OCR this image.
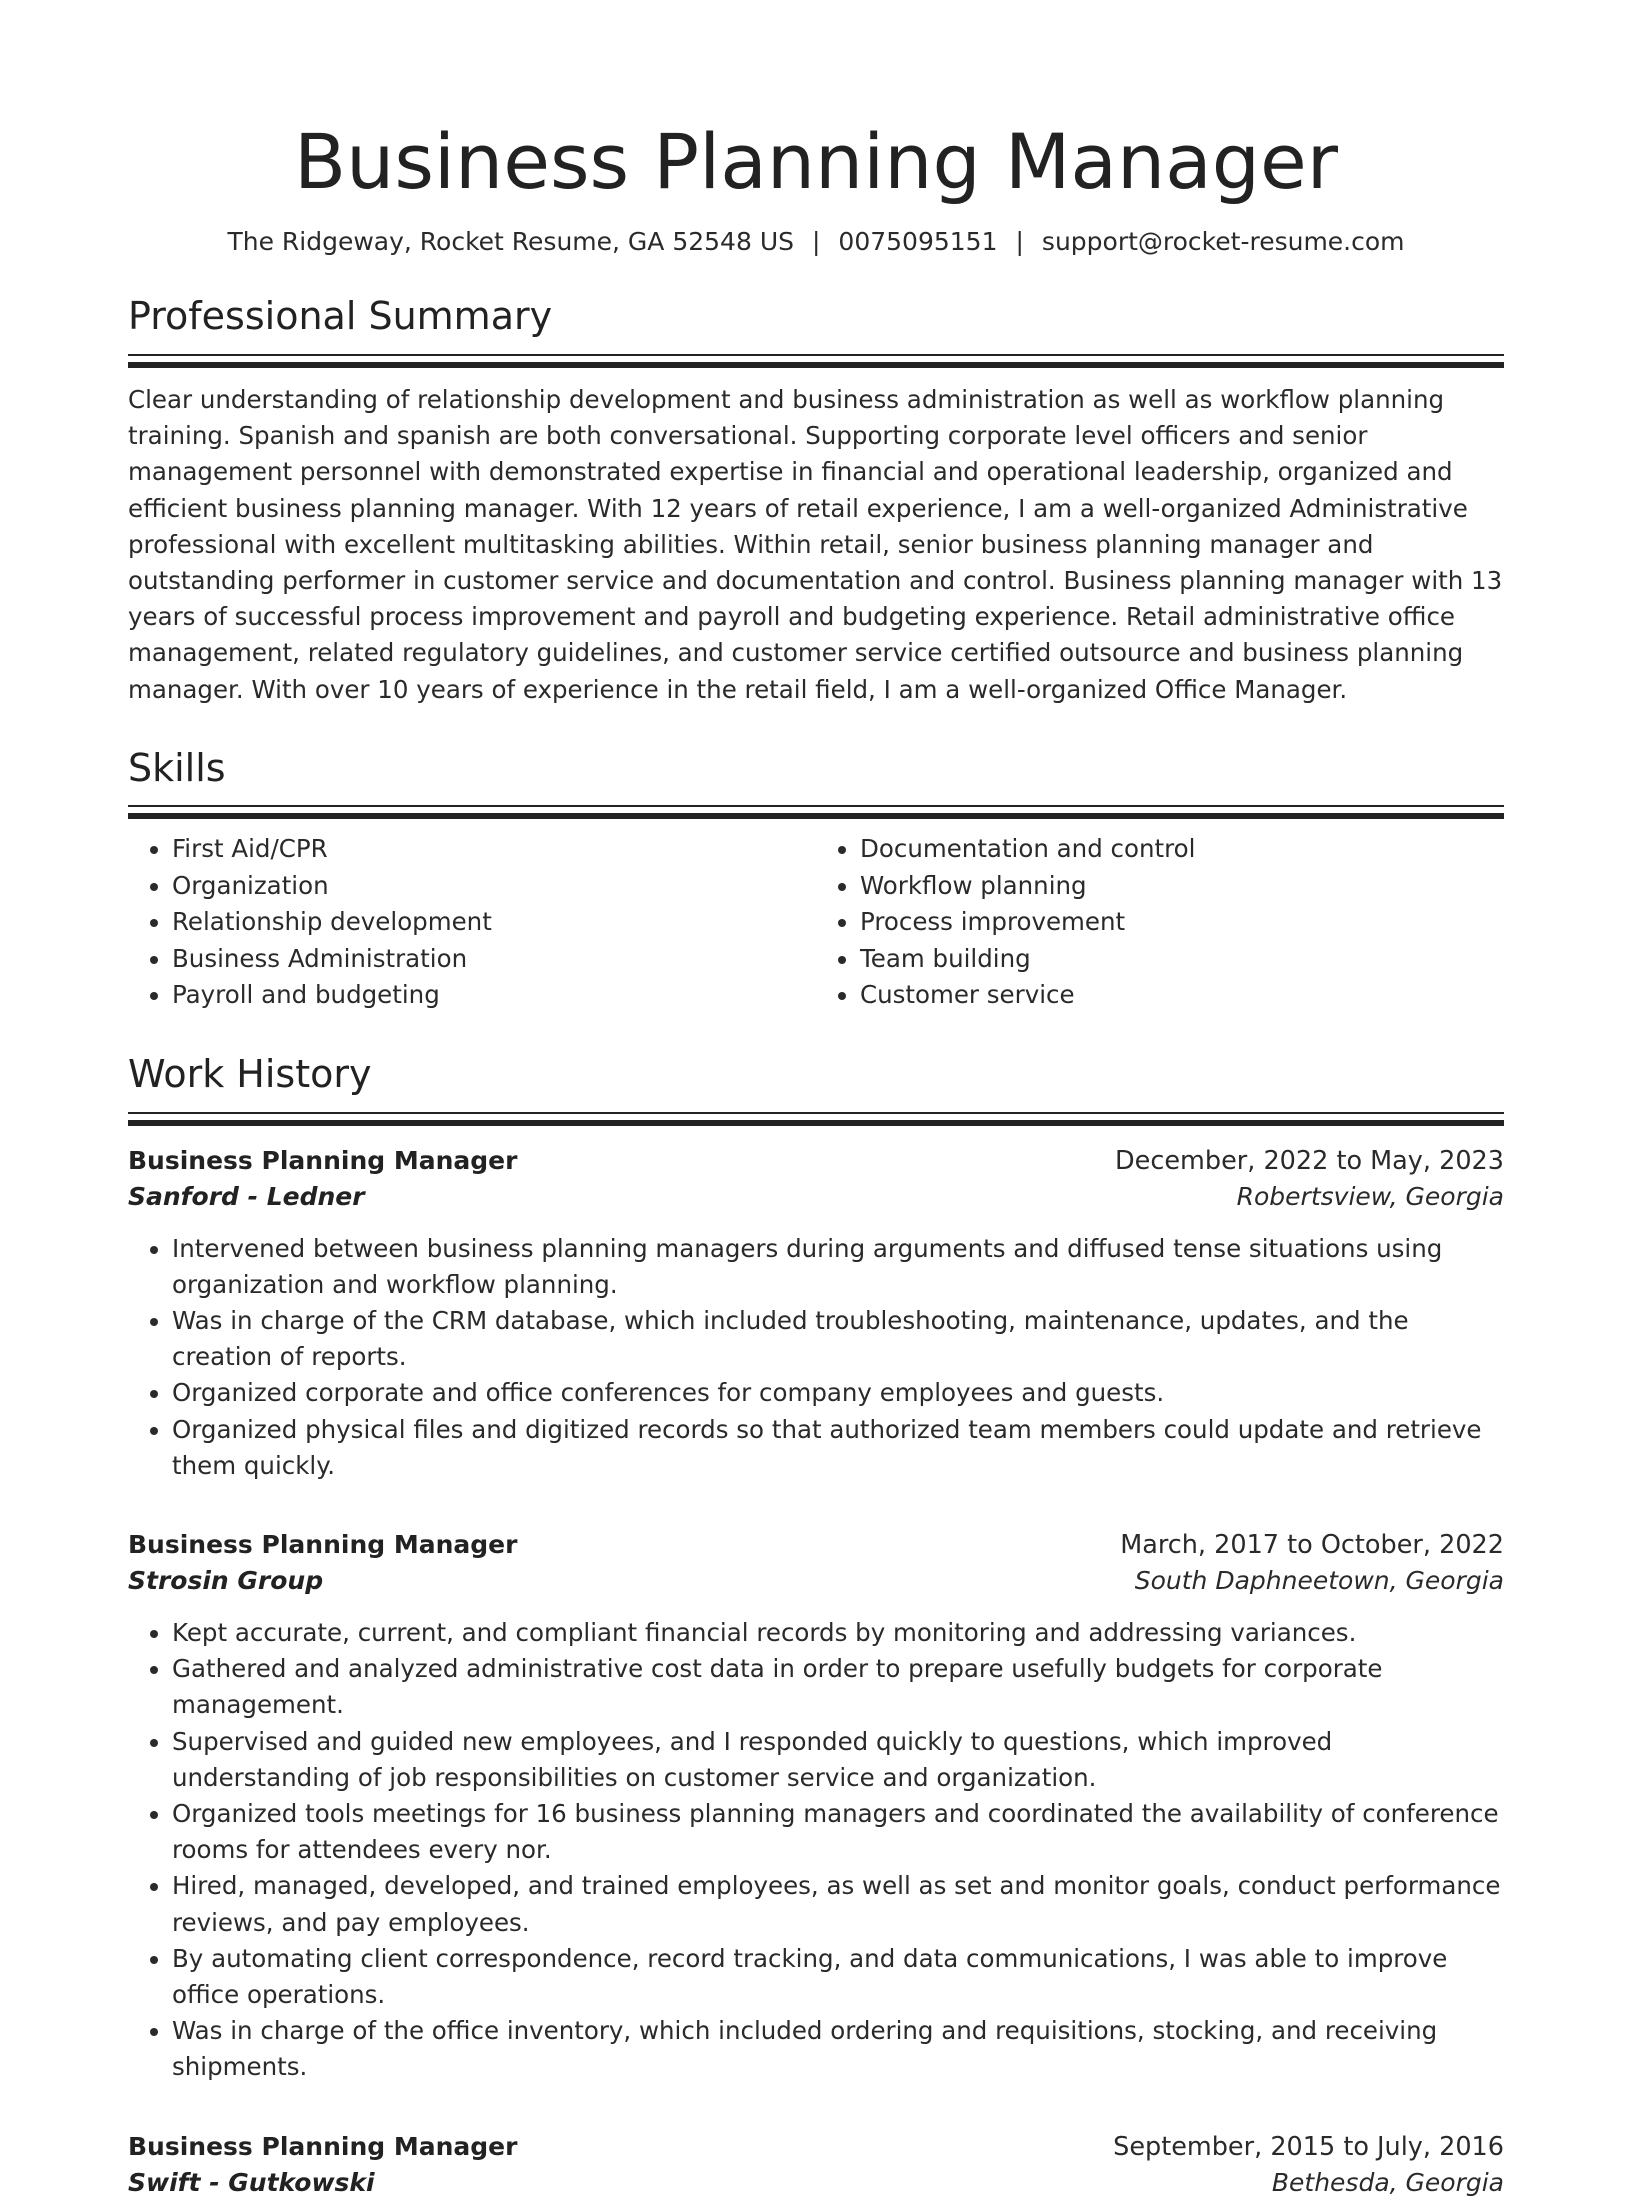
Business Planning Manager
The Ridgeway, Rocket Resume, GA 52548 US | 0075095151 | support@rocket-resume.com
Professional Summary
Clear understanding of relationship development and business administration as well as workflow planning training. Spanish and spanish are both conversational. Supporting corporate level officers and senior management personnel with demonstrated expertise in financial and operational leadership, organized and efficient business planning manager. With 12 years of retail experience, I am a well-organized Administrative professional with excellent multitasking abilities. Within retail, senior business planning manager and outstanding performer in customer service and documentation and control. Business planning manager with 13 years of successful process improvement and payroll and budgeting experience. Retail administrative office management, related regulatory guidelines, and customer service certified outsource and business planning manager. With over 10 years of experience in the retail field, I am a well-organized Office Manager.
Skills
• First Aid/CPR
• Organization
• Relationship development
• Business Administration
• Payroll and budgeting
• Documentation and control
• Workflow planning
• Process improvement
• Team building
• Customer service
Work History
Business Planning Manager	December, 2022 to May, 2023
Sanford - Ledner	Robertsview, Georgia
• Intervened between business planning managers during arguments and diffused tense situations using organization and workflow planning.
• Was in charge of the CRM database, which included troubleshooting, maintenance, updates, and the creation of reports.
• Organized corporate and office conferences for company employees and guests.
• Organized physical files and digitized records so that authorized team members could update and retrieve them quickly.
Business Planning Manager	March, 2017 to October, 2022
Strosin Group	South Daphneetown, Georgia
• Kept accurate, current, and compliant financial records by monitoring and addressing variances.
• Gathered and analyzed administrative cost data in order to prepare usefully budgets for corporate management.
• Supervised and guided new employees, and I responded quickly to questions, which improved understanding of job responsibilities on customer service and organization.
• Organized tools meetings for 16 business planning managers and coordinated the availability of conference rooms for attendees every nor.
• Hired, managed, developed, and trained employees, as well as set and monitor goals, conduct performance reviews, and pay employees.
• By automating client correspondence, record tracking, and data communications, I was able to improve office operations.
• Was in charge of the office inventory, which included ordering and requisitions, stocking, and receiving shipments.
Business Planning Manager	September, 2015 to July, 2016
Swift - Gutkowski	Bethesda, Georgia
